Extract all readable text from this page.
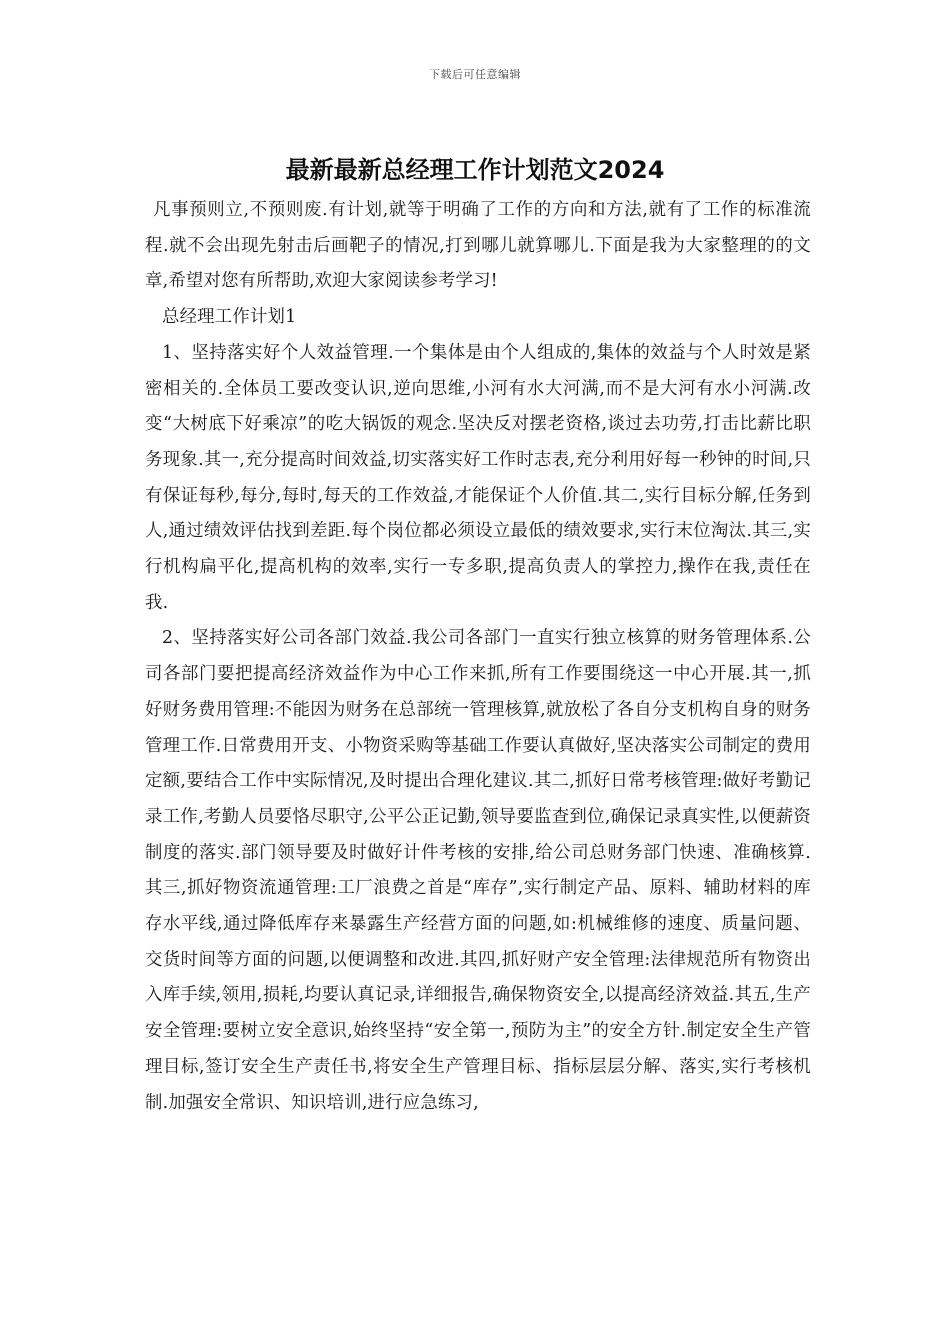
下载后可任意编辑
最新最新总经理工作计划范文2024

凡事预则立,不预则废.有计划,就等于明确了工作的方向和方法,就有了工作的标准流程.就不会出现先射击后画靶子的情况,打到哪儿就算哪儿.下面是我为大家整理的的文章,希望对您有所帮助,欢迎大家阅读参考学习!

总经理工作计划1

1、坚持落实好个人效益管理.一个集体是由个人组成的,集体的效益与个人时效是紧密相关的.全体员工要改变认识,逆向思维,小河有水大河满,而不是大河有水小河满.改变“大树底下好乘凉”的吃大锅饭的观念.坚决反对摆老资格,谈过去功劳,打击比薪比职务现象.其一,充分提高时间效益,切实落实好工作时志表,充分利用好每一秒钟的时间,只有保证每秒,每分,每时,每天的工作效益,才能保证个人价值.其二,实行目标分解,任务到人,通过绩效评估找到差距.每个岗位都必须设立最低的绩效要求,实行末位淘汰.其三,实行机构扁平化,提高机构的效率,实行一专多职,提高负责人的掌控力,操作在我,责任在我.

2、坚持落实好公司各部门效益.我公司各部门一直实行独立核算的财务管理体系.公司各部门要把提高经济效益作为中心工作来抓,所有工作要围绕这一中心开展.其一,抓好财务费用管理:不能因为财务在总部统一管理核算,就放松了各自分支机构自身的财务管理工作.日常费用开支、小物资采购等基础工作要认真做好,坚决落实公司制定的费用定额,要结合工作中实际情况,及时提出合理化建议.其二,抓好日常考核管理:做好考勤记录工作,考勤人员要恪尽职守,公平公正记勤,领导要监查到位,确保记录真实性,以便薪资制度的落实.部门领导要及时做好计件考核的安排,给公司总财务部门快速、准确核算.其三,抓好物资流通管理:工厂浪费之首是“库存”,实行制定产品、原料、辅助材料的库存水平线,通过降低库存来暴露生产经营方面的问题,如:机械维修的速度、质量问题、交货时间等方面的问题,以便调整和改进.其四,抓好财产安全管理:法律规范所有物资出入库手续,领用,损耗,均要认真记录,详细报告,确保物资安全,以提高经济效益.其五,生产安全管理:要树立安全意识,始终坚持“安全第一,预防为主”的安全方针.制定安全生产管理目标,签订安全生产责任书,将安全生产管理目标、指标层层分解、落实,实行考核机制.加强安全常识、知识培训,进行应急练习,
